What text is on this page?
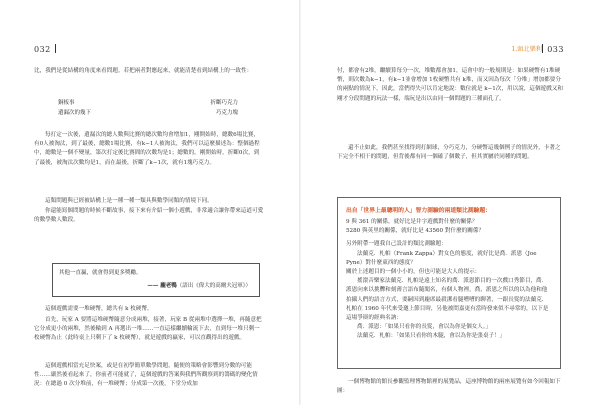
032

比，我們是從結構的角度來看問題。若把兩者對應起來，就能清楚看到結構上的一致性：

銅板事	折斷巧克力
遺漏次的幾下	巧克力塊

每打定一次後，遺漏次的總人數與比賽的總次數均會增加1，剛開始時，總數6場比賽，有0人被淘汰，到了最後，總數1場比賽，有k−1人被淘汰，我們可以這麼描述為：整個過程中，總數是一個不變量，第次打定後比賽間的次數均是1；總數的，剛開始時，折斷0次，到了最後，被淘汰次數均是1，而在最後，折斷了k−1次，就有1塊巧克力。

這類問題與已經被結構上是一種一種一類具與數學同類的情境下同。

你還能寫個問題的時候不斷故事，接下來有介紹一個小遊戲，非常適合讓你帶來這道可愛的數學數人數段。

其他一直贏，就會得到更多獎勵。
—— 龐老鴨（語出《偉大的高爾夫冠軍》）

這個遊戲需要一堆硬幣，總共有 k 枚硬幣。

首先，玩家 A 要將這堆硬幣隨意分成兩堆，接著，玩家 B 從兩堆中選擇一堆，再隨意把它分成更小的兩堆，然後輪到 A 再選出一堆……一直這樣繼續輪流下去，直到每一堆只剩一枚硬幣為止（此時桌上只剩下了 k 枚硬幣），就是遊戲的贏家，可以直觀得出的遊戲。

這個遊戲相當充足快案，或是在初學簡單數學問題，隨便的策略會影響到分數的可能性……嚴然後看起來了，你前者可能就了，這個遊戲的答案與我們所觀察到的籌碼的變化情況：在總過 0 次分堆前，有一堆硬幣；分成第一次後，下堂分成加

1.頭北樂利 033

付，都會有2堆，繼續算每分一次，堆數都會加1，這會中的一般規則是：如果硬幣有1堆硬幣，則次數為k−1，有k−1並會增加 1枚硬幣共有 k堆，而又因為每次「分堆」增加都要分的兩點的情況下，因此，當們得失可以肯定地說：數位就是 k−1次，用以說，這個遊戲又和剛才分段問題的玩法一樣，端玩是出以由同一個問題的三種面孔了。

還不止如此，我們甚至找得到打網球，分巧克力，分硬幣這幾個例子的情況外，卡著之下完全不相干的問題，但背後都有同一個確了個數子，但其實屬於同種的問題。

出自「世界上最聰明的人」智力測驗的兩道類比測驗題：

9 與 361 的關係，就好比是井字遊戲對什麼的關係？

5280 與英里的關係，就好比是 43560 對什麼的關係？

另外附帶一題我自己設計的類比測驗題：

法蘭克．札帕（Frank Zappa）對女色的態度，就好比是喬．派恩（Joe Pyne）對什麼東西的態度？

關於上述題目的一個小小的，但也可能是大人的提示：

搖滾音樂家法蘭克．札帕是遠上知名的喬．派恩節目的一次戲口秀節目，喬．派恩向來以挑釁和刻薄言語布隨聞名，有個人物裡，喬，派恩之所以的以為他和他拍攝人們的語言方式，要嗣因到龐席最殺潔看腿嘈嘈的聊著，一跟長髮的法蘭克．札帕在 1960 年代來受邀上節目時，另他被問嘉更有當時發來似不尋常的，以下是這場爭辯的經典名訥：

喬．派恩：「如果只看你的長髮，會以為你是個女人。」

法蘭克．札帕：「如果只看你的木腿，會以為你是張桌子！」

一個博物館的館長參觀監理博物館裡的展覽品，這座博物館的兩座展覽有如今回報如下圖：
